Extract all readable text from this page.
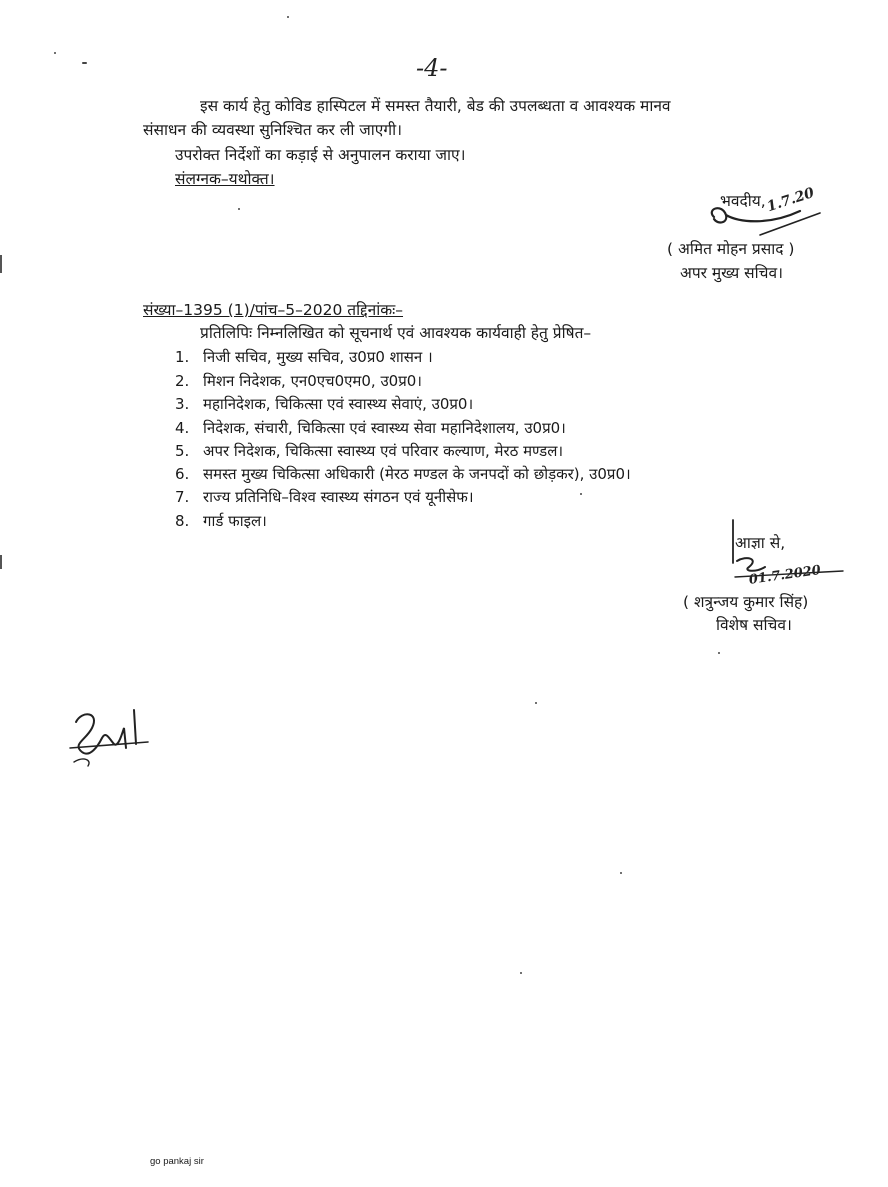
-4-
इस कार्य हेतु कोविड हास्पिटल में समस्त तैयारी, बेड की उपलब्धता व आवश्यक मानव
संसाधन की व्यवस्था सुनिश्चित कर ली जाएगी।
उपरोक्त निर्देशों का कड़ाई से अनुपालन कराया जाए।
संलग्नक–यथोक्त।
भवदीय, 1.7.20
( अमित मोहन प्रसाद )
अपर मुख्य सचिव।
संख्या–1395 (1)/पांच–5–2020 तद्दिनांकः–
प्रतिलिपिः निम्नलिखित को सूचनार्थ एवं आवश्यक कार्यवाही हेतु प्रेषित–
1. निजी सचिव, मुख्य सचिव, उ0प्र0 शासन ।
2. मिशन निदेशक, एन0एच0एम0, उ0प्र0।
3. महानिदेशक, चिकित्सा एवं स्वास्थ्य सेवाएं, उ0प्र0।
4. निदेशक, संचारी, चिकित्सा एवं स्वास्थ्य सेवा महानिदेशालय, उ0प्र0।
5. अपर निदेशक, चिकित्सा स्वास्थ्य एवं परिवार कल्याण, मेरठ मण्डल।
6. समस्त मुख्य चिकित्सा अधिकारी (मेरठ मण्डल के जनपदों को छोड़कर), उ0प्र0।
7. राज्य प्रतिनिधि–विश्व स्वास्थ्य संगठन एवं यूनीसेफ।
8. गार्ड फाइल।
आज्ञा से,
01.7.2020
( शत्रुन्जय कुमार सिंह)
विशेष सचिव।
go pankaj sir
